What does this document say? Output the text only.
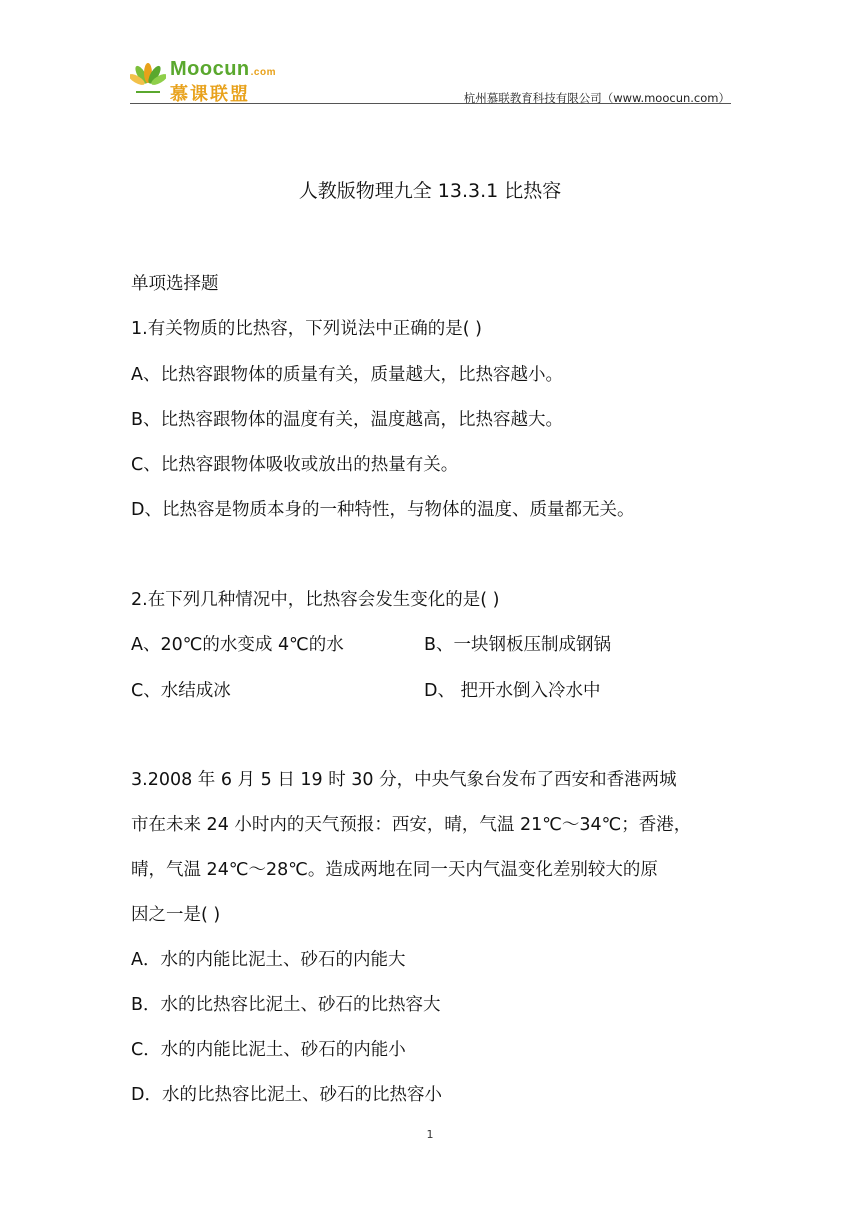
Moocun.com
慕课联盟	杭州慕联教育科技有限公司（www.moocun.com）
人教版物理九全 13.3.1 比热容
单项选择题
1.有关物质的比热容，下列说法中正确的是( )
A、比热容跟物体的质量有关，质量越大，比热容越小。
B、比热容跟物体的温度有关，温度越高，比热容越大。
C、比热容跟物体吸收或放出的热量有关。
D、比热容是物质本身的一种特性，与物体的温度、质量都无关。
2.在下列几种情况中，比热容会发生变化的是( )
A、20℃的水变成 4℃的水	B、一块钢板压制成钢锅
C、水结成冰	D、 把开水倒入冷水中
3.2008 年 6 月 5 日 19 时 30 分，中央气象台发布了西安和香港两城
市在未来 24 小时内的天气预报：西安，晴，气温 21℃～34℃；香港，
晴，气温 24℃～28℃。造成两地在同一天内气温变化差别较大的原
因之一是( )
A．水的内能比泥土、砂石的内能大
B．水的比热容比泥土、砂石的比热容大
C．水的内能比泥土、砂石的内能小
D．水的比热容比泥土、砂石的比热容小
1
